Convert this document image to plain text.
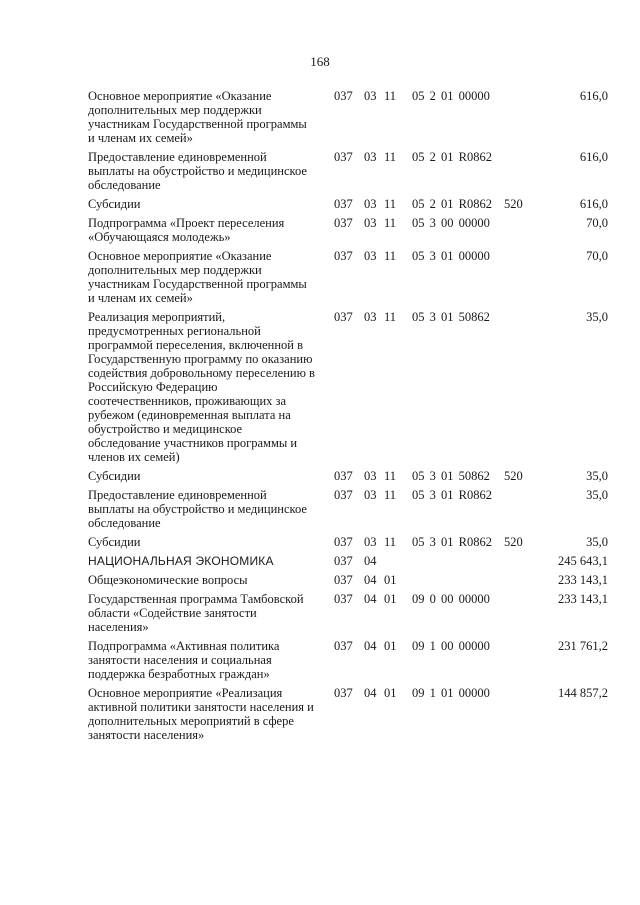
168
Основное мероприятие «Оказание дополнительных мер поддержки участникам Государственной программы и членам их семей»
037 03 11 05 2 01 00000	616,0
Предоставление единовременной выплаты на обустройство и медицинское обследование
037 03 11 05 2 01 R0862	616,0
Субсидии	037 03 11 05 2 01 R0862 520	616,0
Подпрограмма «Проект переселения «Обучающаяся молодежь»
037 03 11 05 3 00 00000	70,0
Основное мероприятие «Оказание дополнительных мер поддержки участникам Государственной программы и членам их семей»
037 03 11 05 3 01 00000	70,0
Реализация мероприятий, предусмотренных региональной программой переселения, включенной в Государственную программу по оказанию содействия добровольному переселению в Российскую Федерацию соотечественников, проживающих за рубежом (единовременная выплата на обустройство и медицинское обследование участников программы и членов их семей)
037 03 11 05 3 01 50862	35,0
Субсидии	037 03 11 05 3 01 50862 520	35,0
Предоставление единовременной выплаты на обустройство и медицинское обследование
037 03 11 05 3 01 R0862	35,0
Субсидии	037 03 11 05 3 01 R0862 520	35,0
НАЦИОНАЛЬНАЯ ЭКОНОМИКА	037 04	245 643,1
Общеэкономические вопросы	037 04 01	233 143,1
Государственная программа Тамбовской области «Содействие занятости населения»
037 04 01 09 0 00 00000	233 143,1
Подпрограмма «Активная политика занятости населения и социальная поддержка безработных граждан»
037 04 01 09 1 00 00000	231 761,2
Основное мероприятие «Реализация активной политики занятости населения и дополнительных мероприятий в сфере занятости населения»
037 04 01 09 1 01 00000	144 857,2
